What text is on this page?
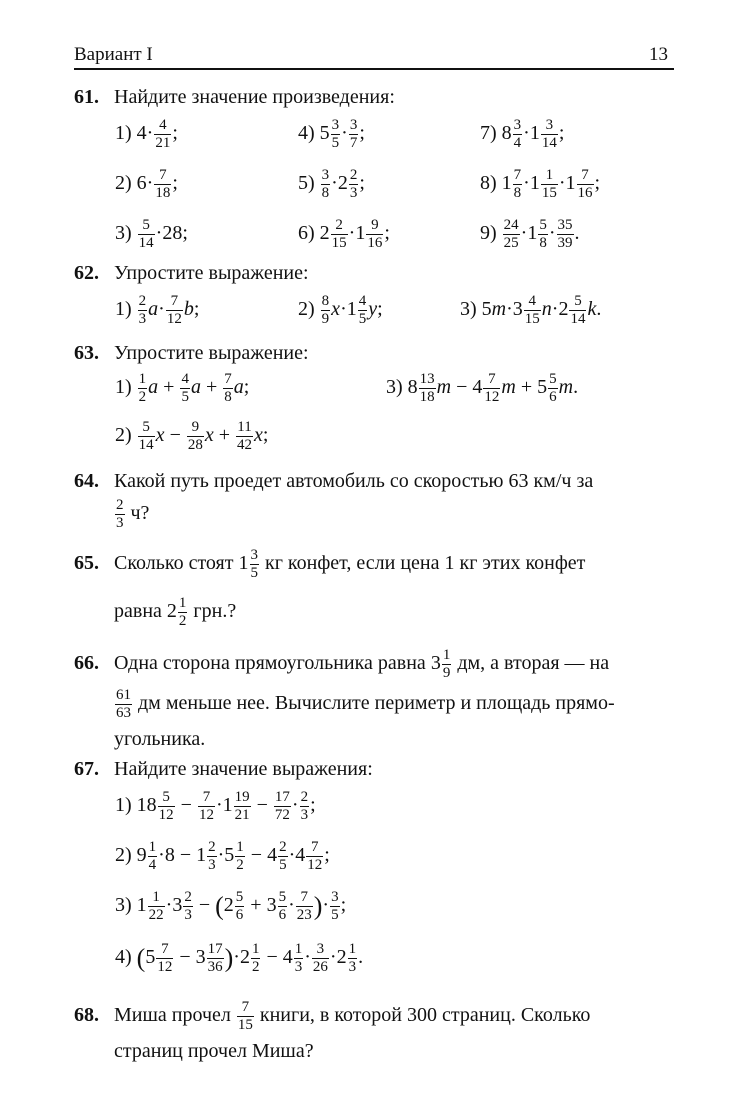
Вариант I	13
61. Найдите значение произведения:
1) $4\cdot \frac{4}{21}$ ;	4) $5 \frac{3}{5} \cdot \frac{3}{7}$ ;	7) $8 \frac{3}{4} \cdot 1 \frac{3}{14}$ ;
2) $6\cdot \frac{7}{18}$ ;	$5) \frac{3}{8} \cdot 2 \frac{2}{3}$ ;	8) $1 \frac{7}{8} \cdot 1 \frac{1}{15} \cdot 1 \frac{7}{16}$ ;
$3) \frac{5}{14} \cdot 28$;	6) $2 \frac{2}{15} \cdot 1 \frac{9}{16}$ ;	$9) \frac{24}{25} \cdot 1 \frac{5}{8} \cdot \frac{35}{39}$ .
62. Упростите выражение:
$1) \frac{2}{3} a\cdot \frac{7}{12} b$;	$2) \frac{8}{9} x\cdot 1 \frac{4}{5} y$;	3) $5m\cdot 3 \frac{4}{15} n\cdot 2 \frac{5}{14} k$.
63. Упростите выражение:
$1) \frac{1}{2}$ $a + \frac{4}{5}$ $a + \frac{7}{8} a$;	3) $8 \frac{13}{18}$ $m - 4 \frac{7}{12}$ $m + 5 \frac{5}{6} m$.
$2) \frac{5}{14}$ $x - \frac{9}{28}$ $x + \frac{11}{42} x$;
64. Какой путь проедет автомобиль со скоростью 63 км/ч за
$\frac{2}{3} ч$?
65. Сколько стоят $1 \frac{3}{5}$ кг конфет, если цена 1 кг этих конфет
равна $2 \frac{1}{2}$ грн.?
66. Одна сторона прямоугольника равна $3 \frac{1}{9}$ дм, а вторая — на
$\frac{61}{63}$ дм меньше нее. Вычислите периметр и площадь прямо-
угольника.
67. Найдите значение выражения:
1) $18 \frac{5}{12} - \frac{7}{12} \cdot 1 \frac{19}{21} - \frac{17}{72} \cdot \frac{2}{3}$ ;
2) $9 \frac{1}{4} \cdot 8 - 1 \frac{2}{3} \cdot 5 \frac{1}{2} - 4 \frac{2}{5} \cdot 4 \frac{7}{12}$ ;
3) $1 \frac{1}{22} \cdot 3 \frac{2}{3} - (2 \frac{5}{6} + 3 \frac{5}{6} \cdot \frac{7}{23}$ )· $\frac{3}{5}$ ;
4) $(5 \frac{7}{12} - 3 \frac{17}{36} )\cdot 2 \frac{1}{2} - 4 \frac{1}{3} \cdot \frac{3}{26} \cdot 2 \frac{1}{3}$ .
68. Миша прочел $\frac{7}{15}$ книги, в которой 300 страниц. Сколько
страниц прочел Миша?
